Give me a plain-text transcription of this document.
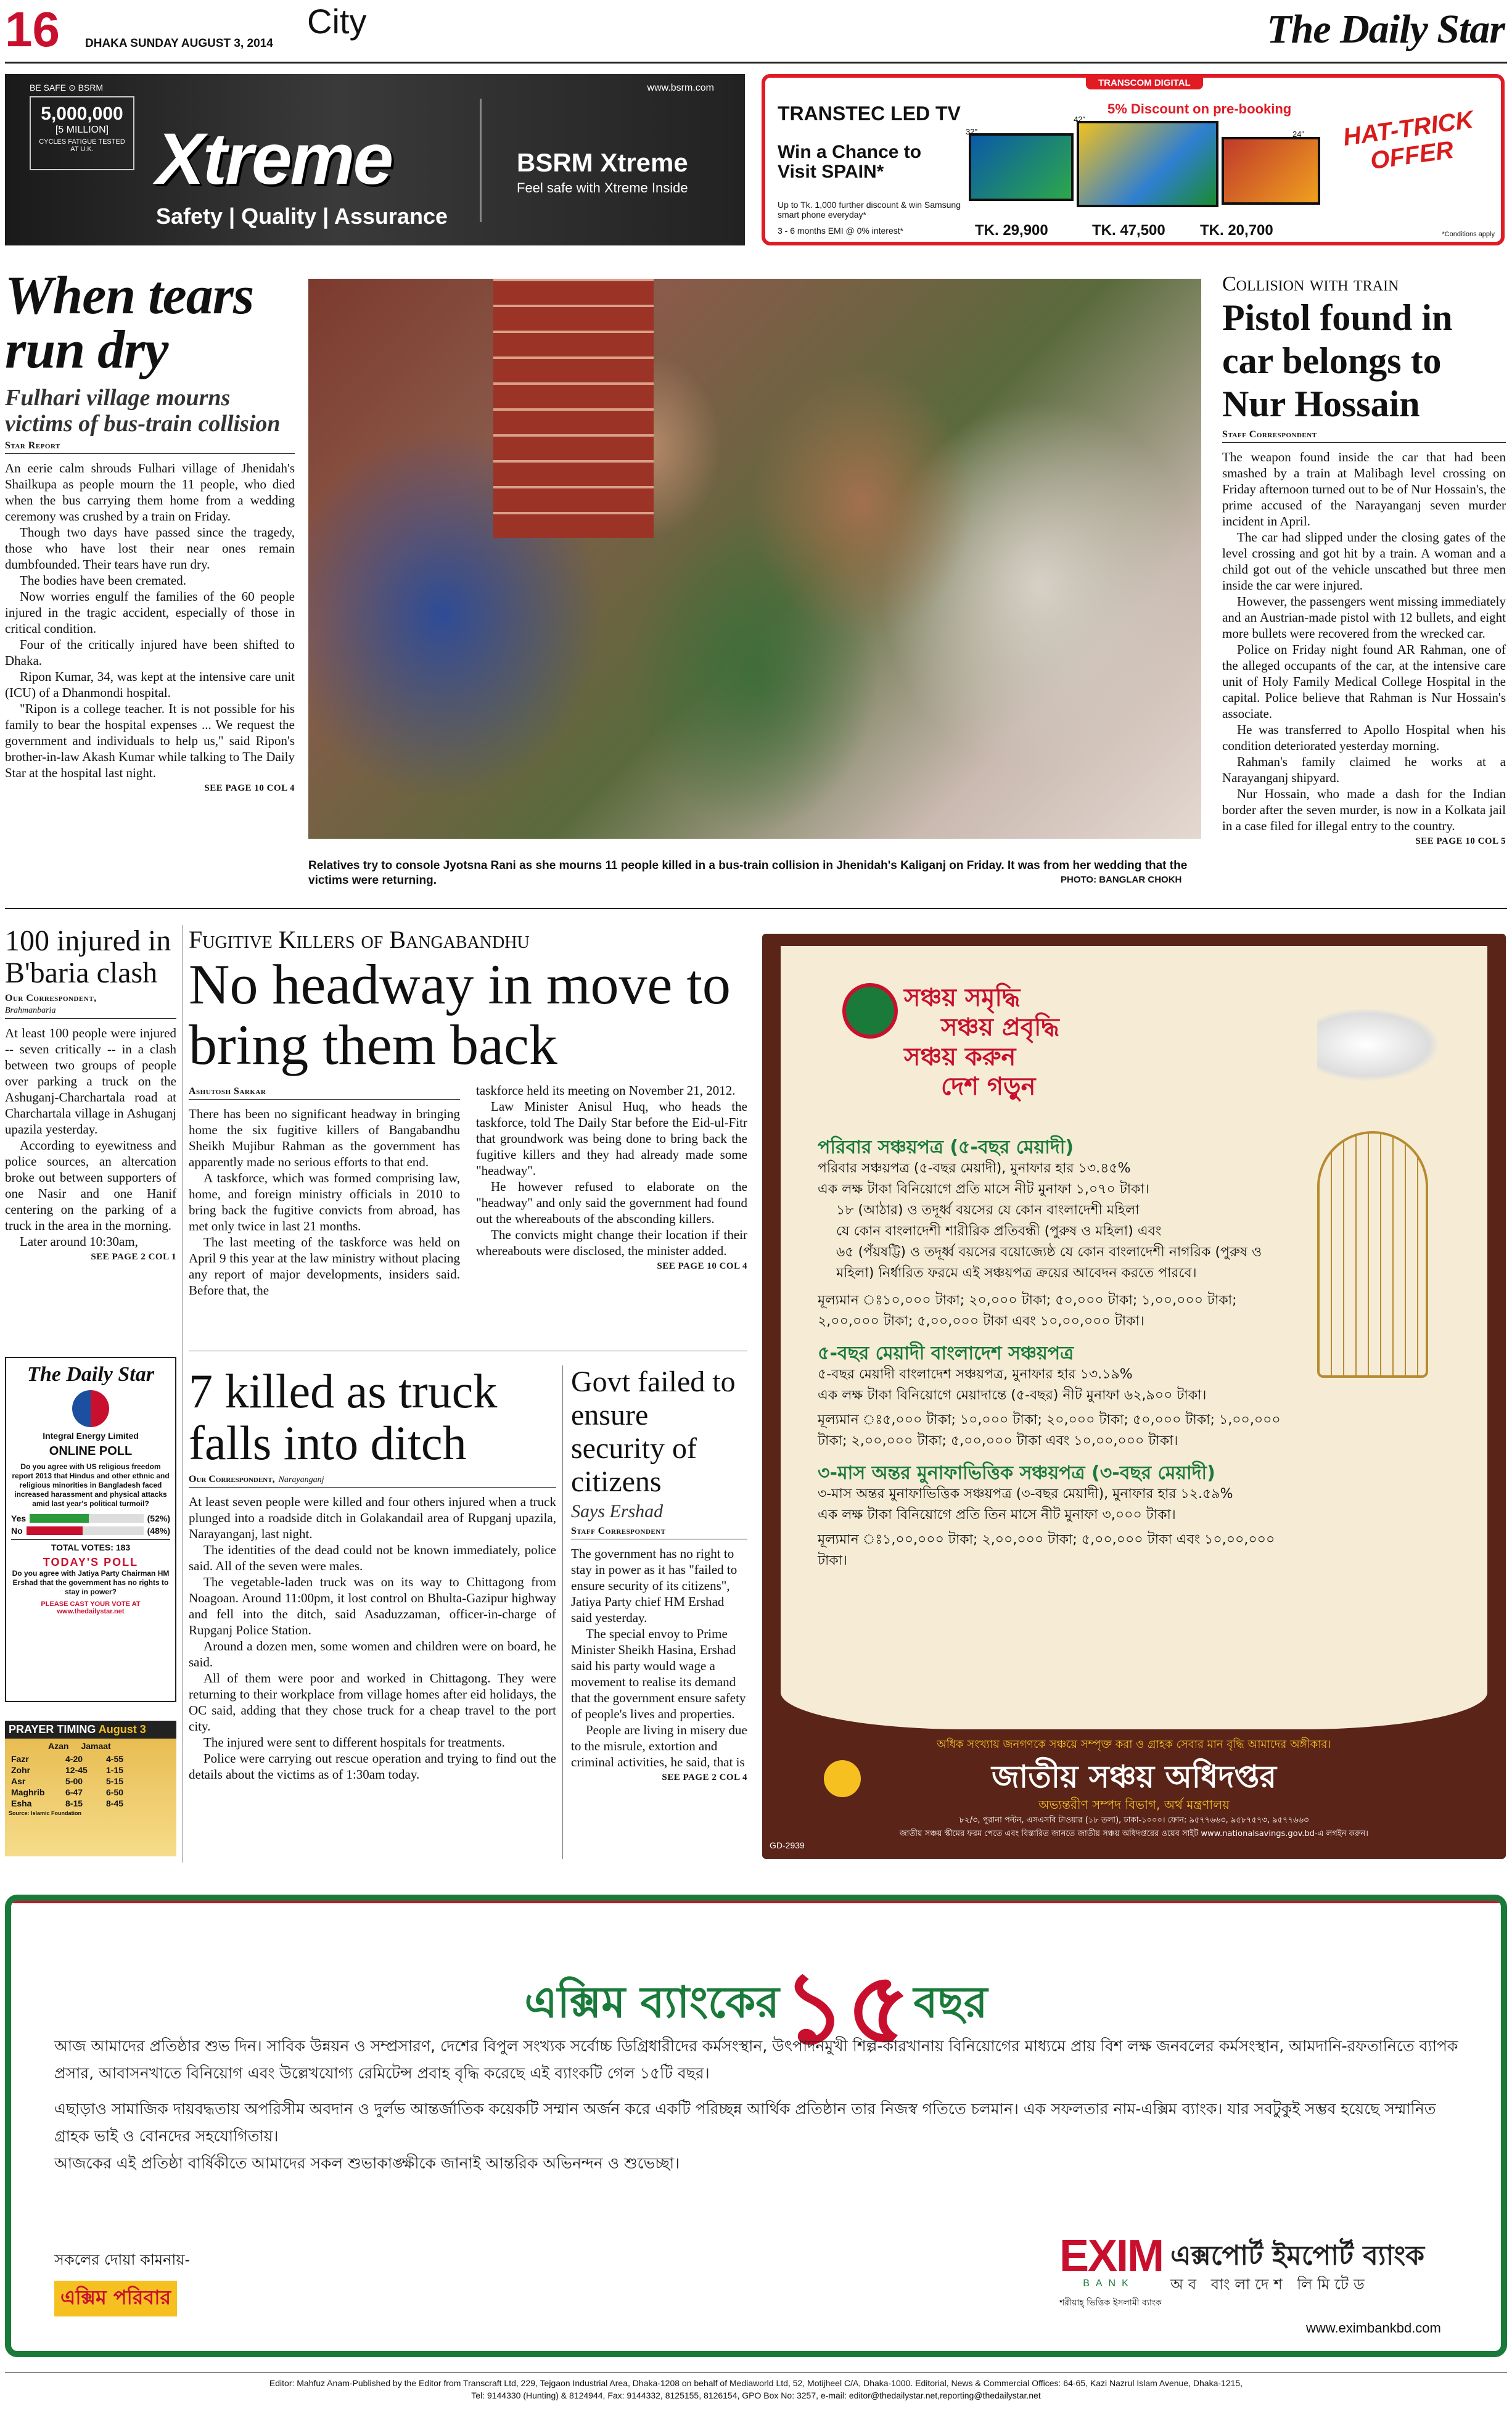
16 DHAKA SUNDAY AUGUST 3, 2014
City	The Daily Star
BE SAFE ⊙ BSRM
5,000,000
[5 MILLION]
CYCLES FATIGUE TESTED AT U.K. Xtreme
Safety | Quality | Assurance
www.bsrm.com
BSRM Xtreme
Feel safe with Xtreme Inside
TRANSCOM DIGITAL
TRANSTEC LED TV
Win a Chance to Visit SPAIN*
Up to Tk. 1,000 further discount & win Samsung smart phone everyday*
3 - 6 months EMI @ 0% interest*
5% Discount on pre-booking
32"
42"
24"
TK. 29,900	TK. 47,500 TK. 20,700
HAT-TRICK OFFER
*Conditions apply
When tears run dry
Fulhari village mourns victims of bus-train collision
Star Report

An eerie calm shrouds Fulhari village of Jhenidah's Shailkupa as people mourn the 11 people, who died when the bus carrying them home from a wedding ceremony was crushed by a train on Friday.

Though two days have passed since the tragedy, those who have lost their near ones remain dumbfounded. Their tears have run dry.

The bodies have been cremated.

Now worries engulf the families of the 60 people injured in the tragic accident, especially of those in critical condition.

Four of the critically injured have been shifted to Dhaka.

Ripon Kumar, 34, was kept at the intensive care unit (ICU) of a Dhanmondi hospital.

"Ripon is a college teacher. It is not possible for his family to bear the hospital expenses ... We request the government and individuals to help us," said Ripon's brother-in-law Akash Kumar while talking to The Daily Star at the hospital last night.

SEE PAGE 10 COL 4
Relatives try to console Jyotsna Rani as she mourns 11 people killed in a bus-train collision in Jhenidah's Kaliganj on Friday. It was from her wedding that the victims were returning.	PHOTO: BANGLAR CHOKH
Collision with train
Pistol found in car belongs to Nur Hossain
Staff Correspondent

The weapon found inside the car that had been smashed by a train at Malibagh level crossing on Friday afternoon turned out to be of Nur Hossain's, the prime accused of the Narayanganj seven murder incident in April.

The car had slipped under the closing gates of the level crossing and got hit by a train. A woman and a child got out of the vehicle unscathed but three men inside the car were injured.

However, the passengers went missing immediately and an Austrian-made pistol with 12 bullets, and eight more bullets were recovered from the wrecked car.

Police on Friday night found AR Rahman, one of the alleged occupants of the car, at the intensive care unit of Holy Family Medical College Hospital in the capital. Police believe that Rahman is Nur Hossain's associate.

He was transferred to Apollo Hospital when his condition deteriorated yesterday morning.

Rahman's family claimed he works at a Narayanganj shipyard.

Nur Hossain, who made a dash for the Indian border after the seven murder, is now in a Kolkata jail in a case filed for illegal entry to the country.

SEE PAGE 10 COL 5
100 injured in B'baria clash
Our Correspondent,
Brahmanbaria

At least 100 people were injured -- seven critically -- in a clash between two groups of people over parking a truck on the Ashuganj-Charchartala road at Charchartala village in Ashuganj upazila yesterday.

According to eyewitness and police sources, an altercation broke out between supporters of one Nasir and one Hanif centering on the parking of a truck in the area in the morning.

Later around 10:30am,

SEE PAGE 2 COL 1
The Daily Star
Integral Energy Limited
ONLINE POLL
Do you agree with US religious freedom report 2013 that Hindus and other ethnic and religious minorities in Bangladesh faced increased harassment and physical attacks amid last year's political turmoil?
Yes	(52%)
No	(48%)
TOTAL VOTES: 183
TODAY'S POLL
Do you agree with Jatiya Party Chairman HM Ershad that the government has no rights to stay in power?
PLEASE CAST YOUR VOTE AT www.thedailystar.net
PRAYER TIMING August 3
Azan Jamaat
Fazr	4-20	4-55
Zohr	12-45	1-15
Asr	5-00	5-15
Maghrib	6-47	6-50
Esha	8-15	8-45
Source: Islamic Foundation
Fugitive Killers of Bangabandhu
No headway in move to bring them back
Ashutosh Sarkar

There has been no significant headway in bringing home the six fugitive killers of Bangabandhu Sheikh Mujibur Rahman as the government has apparently made no serious efforts to that end.

A taskforce, which was formed comprising law, home, and foreign ministry officials in 2010 to bring back the fugitive convicts from abroad, has met only twice in last 21 months.

The last meeting of the taskforce was held on April 9 this year at the law ministry without placing any report of major developments, insiders said. Before that, the

taskforce held its meeting on November 21, 2012.

Law Minister Anisul Huq, who heads the taskforce, told The Daily Star before the Eid-ul-Fitr that groundwork was being done to bring back the fugitive killers and they had already made some "headway".

He however refused to elaborate on the "headway" and only said the government had found out the whereabouts of the absconding killers.

The convicts might change their location if their whereabouts were disclosed, the minister added.

SEE PAGE 10 COL 4
7 killed as truck falls into ditch
Our Correspondent, Narayanganj

At least seven people were killed and four others injured when a truck plunged into a roadside ditch in Golakandail area of Rupganj upazila, Narayanganj, last night.

The identities of the dead could not be known immediately, police said. All of the seven were males.

The vegetable-laden truck was on its way to Chittagong from Noagoan. Around 11:00pm, it lost control on Bhulta-Gazipur highway and fell into the ditch, said Asaduzzaman, officer-in-charge of Rupganj Police Station.

Around a dozen men, some women and children were on board, he said.

All of them were poor and worked in Chittagong. They were returning to their workplace from village homes after eid holidays, the OC said, adding that they chose truck for a cheap travel to the port city.

The injured were sent to different hospitals for treatments.

Police were carrying out rescue operation and trying to find out the details about the victims as of 1:30am today.

Govt failed to ensure security of citizens
Says Ershad
Staff Correspondent

The government has no right to stay in power as it has "failed to ensure security of its citizens", Jatiya Party chief HM Ershad said yesterday.

The special envoy to Prime Minister Sheikh Hasina, Ershad said his party would wage a movement to realise its demand that the government ensure safety of people's lives and properties.

People are living in misery due to the misrule, extortion and criminal activities, he said, that is

SEE PAGE 2 COL 4
সঞ্চয় সমৃদ্ধি
সঞ্চয় প্রবৃদ্ধি
সঞ্চয় করুন
দেশ গড়ুন
পরিবার সঞ্চয়পত্র (৫-বছর মেয়াদী)
পরিবার সঞ্চয়পত্র (৫-বছর মেয়াদী), মুনাফার হার ১৩.৪৫%
এক লক্ষ টাকা বিনিয়োগে প্রতি মাসে নীট মুনাফা ১,০৭০ টাকা।
১৮ (আঠার) ও তদূর্ধ্ব বয়সের যে কোন বাংলাদেশী মহিলা
যে কোন বাংলাদেশী শারীরিক প্রতিবন্ধী (পুরুষ ও মহিলা) এবং
৬৫ (পঁয়ষট্টি) ও তদূর্ধ্ব বয়সের বয়োজ্যেষ্ঠ যে কোন বাংলাদেশী নাগরিক (পুরুষ ও মহিলা) নির্ধারিত ফরমে এই সঞ্চয়পত্র ক্রয়ের আবেদন করতে পারবে।
মূল্যমান ঃ১০,০০০ টাকা; ২০,০০০ টাকা; ৫০,০০০ টাকা; ১,০০,০০০ টাকা; ২,০০,০০০ টাকা; ৫,০০,০০০ টাকা এবং ১০,০০,০০০ টাকা।
৫-বছর মেয়াদী বাংলাদেশ সঞ্চয়পত্র
৫-বছর মেয়াদী বাংলাদেশ সঞ্চয়পত্র, মুনাফার হার ১৩.১৯%
এক লক্ষ টাকা বিনিয়োগে মেয়াদান্তে (৫-বছর) নীট মুনাফা ৬২,৯০০ টাকা।
মূল্যমান ঃ৫,০০০ টাকা; ১০,০০০ টাকা; ২০,০০০ টাকা; ৫০,০০০ টাকা; ১,০০,০০০ টাকা; ২,০০,০০০ টাকা; ৫,০০,০০০ টাকা এবং ১০,০০,০০০ টাকা।
৩-মাস অন্তর মুনাফাভিত্তিক সঞ্চয়পত্র (৩-বছর মেয়াদী)
৩-মাস অন্তর মুনাফাভিত্তিক সঞ্চয়পত্র (৩-বছর মেয়াদী), মুনাফার হার ১২.৫৯%
এক লক্ষ টাকা বিনিয়োগে প্রতি তিন মাসে নীট মুনাফা ৩,০০০ টাকা।
মূল্যমান ঃ১,০০,০০০ টাকা; ২,০০,০০০ টাকা; ৫,০০,০০০ টাকা এবং ১০,০০,০০০ টাকা।
অধিক সংখ্যায় জনগণকে সঞ্চয়ে সম্পৃক্ত করা ও গ্রাহক সেবার মান বৃদ্ধি আমাদের অঙ্গীকার।
জাতীয় সঞ্চয় অধিদপ্তর
অভ্যন্তরীণ সম্পদ বিভাগ, অর্থ মন্ত্রণালয়
৮২/৩, পুরানা পল্টন, এসএসবি টাওয়ার (১৮ তলা), ঢাকা-১০০০। ফোন: ৯৫৭৭৬৬৩, ৯৫৮৭৫৭৩, ৯৫৭৭৬৬৩
জাতীয় সঞ্চয় স্কীমের ফরম পেতে এবং বিস্তারিত জানতে জাতীয় সঞ্চয় অধিদপ্তরের ওয়েব সাইট www.nationalsavings.gov.bd-এ লগইন করুন।
GD-2939
এক্সিম ব্যাংকের ১৫ বছর

আজ আমাদের প্রতিষ্ঠার শুভ দিন। সাবিক উন্নয়ন ও সম্প্রসারণ, দেশের বিপুল সংখ্যক সর্বোচ্চ ডিগ্রিধারীদের কর্মসংস্থান, উৎপাদনমুখী শিল্প-কারখানায় বিনিয়োগের মাধ্যমে প্রায় বিশ লক্ষ জনবলের কর্মসংস্থান, আমদানি-রফতানিতে ব্যাপক প্রসার, আবাসনখাতে বিনিয়োগ এবং উল্লেখযোগ্য রেমিটেন্স প্রবাহ বৃদ্ধি করেছে এই ব্যাংকটি গেল ১৫টি বছর।

এছাড়াও সামাজিক দায়বদ্ধতায় অপরিসীম অবদান ও দুর্লভ আন্তর্জাতিক কয়েকটি সম্মান অর্জন করে একটি পরিচ্ছন্ন আর্থিক প্রতিষ্ঠান তার নিজস্ব গতিতে চলমান। এক সফলতার নাম-এক্সিম ব্যাংক। যার সবটুকুই সম্ভব হয়েছে সম্মানিত গ্রাহক ভাই ও বোনদের সহযোগিতায়।

আজকের এই প্রতিষ্ঠা বার্ষিকীতে আমাদের সকল শুভাকাঙ্ক্ষীকে জানাই আন্তরিক অভিনন্দন ও শুভেচ্ছা।

সকলের দোয়া কামনায়-
এক্সিম পরিবার
EXIM
BANK
এক্সপোর্ট ইমপোর্ট ব্যাংক
অব বাংলাদেশ লিমিটেড
শরীয়াহ্ ভিত্তিক ইসলামী ব্যাংক
www.eximbankbd.com
Editor: Mahfuz Anam-Published by the Editor from Transcraft Ltd, 229, Tejgaon Industrial Area, Dhaka-1208 on behalf of Mediaworld Ltd, 52, Motijheel C/A, Dhaka-1000. Editorial, News & Commercial Offices: 64-65, Kazi Nazrul Islam Avenue, Dhaka-1215,
Tel: 9144330 (Hunting) & 8124944, Fax: 9144332, 8125155, 8126154, GPO Box No: 3257, e-mail: editor@thedailystar.net,reporting@thedailystar.net
